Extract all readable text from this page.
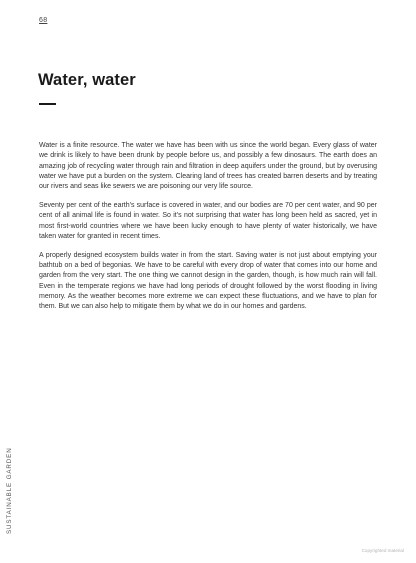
68
Water, water

Water is a finite resource. The water we have has been with us since the world began. Every glass of water we drink is likely to have been drunk by people before us, and possibly a few dinosaurs. The earth does an amazing job of recycling water through rain and filtration in deep aquifers under the ground, but by overusing water we have put a burden on the system. Clearing land of trees has created barren deserts and by treating our rivers and seas like sewers we are poisoning our very life source.

Seventy per cent of the earth’s surface is covered in water, and our bodies are 70 per cent water, and 90 per cent of all animal life is found in water. So it’s not surprising that water has long been held as sacred, yet in most first-world countries where we have been lucky enough to have plenty of water historically, we have taken water for granted in recent times.

A properly designed ecosystem builds water in from the start. Saving water is not just about emptying your bathtub on a bed of begonias. We have to be careful with every drop of water that comes into our home and garden from the very start. The one thing we cannot design in the garden, though, is how much rain will fall. Even in the temperate regions we have had long periods of drought followed by the worst flooding in living memory. As the weather becomes more extreme we can expect these fluctuations, and we have to plan for them. But we can also help to mitigate them by what we do in our homes and gardens.

SUSTAINABLE GARDEN
Copyrighted material
